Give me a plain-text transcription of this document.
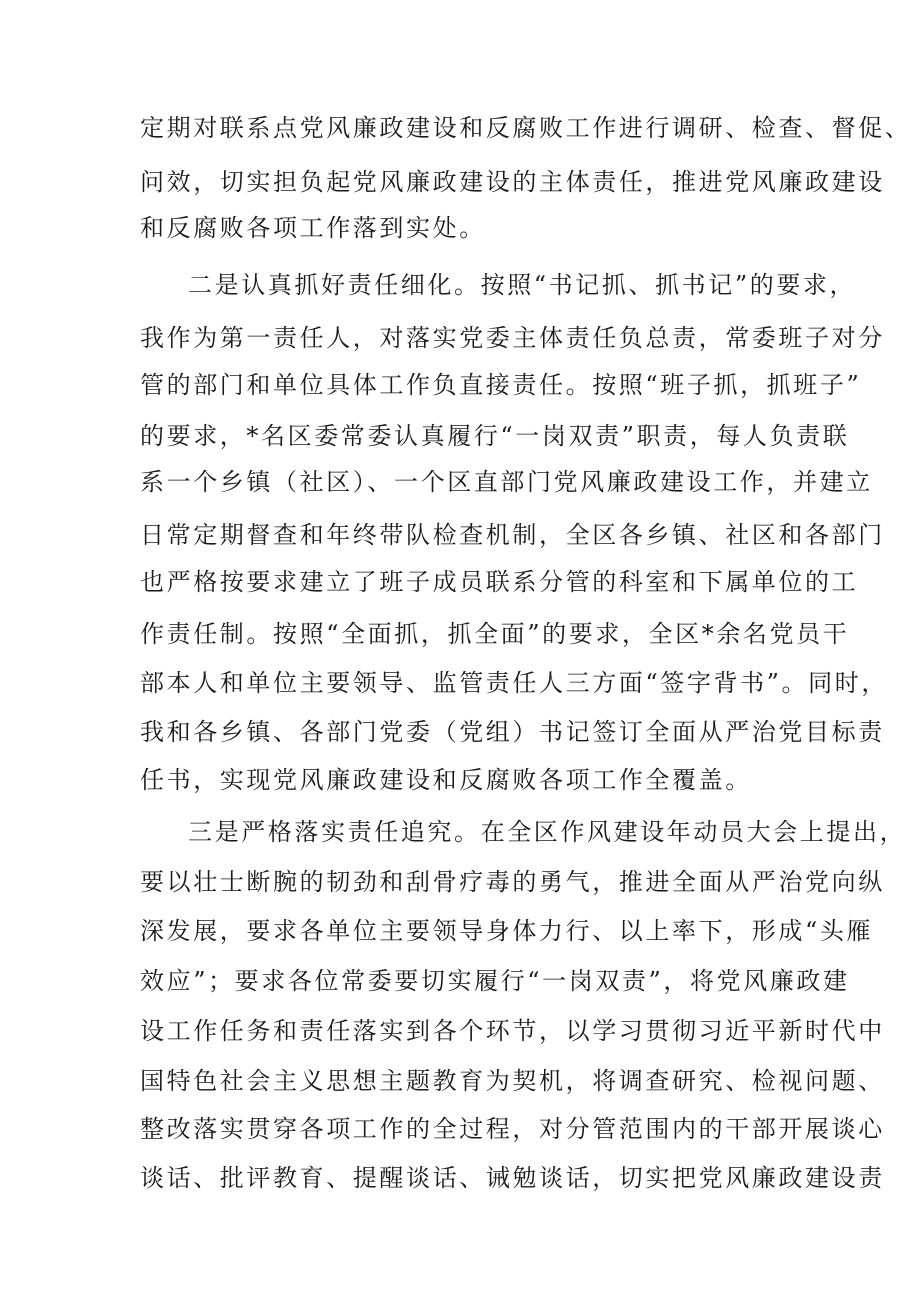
定期对联系点党风廉政建设和反腐败工作进行调研、检查、督促、
问效，切实担负起党风廉政建设的主体责任，推进党风廉政建设
和反腐败各项工作落到实处。
二是认真抓好责任细化。按照“书记抓、抓书记”的要求，
我作为第一责任人，对落实党委主体责任负总责，常委班子对分
管的部门和单位具体工作负直接责任。按照“班子抓，抓班子”
的要求，*名区委常委认真履行“一岗双责”职责，每人负责联
系一个乡镇（社区）、一个区直部门党风廉政建设工作，并建立
日常定期督查和年终带队检查机制，全区各乡镇、社区和各部门
也严格按要求建立了班子成员联系分管的科室和下属单位的工
作责任制。按照“全面抓，抓全面”的要求，全区*余名党员干
部本人和单位主要领导、监管责任人三方面“签字背书”。同时，
我和各乡镇、各部门党委（党组）书记签订全面从严治党目标责
任书，实现党风廉政建设和反腐败各项工作全覆盖。
三是严格落实责任追究。在全区作风建设年动员大会上提出，
要以壮士断腕的韧劲和刮骨疗毒的勇气，推进全面从严治党向纵
深发展，要求各单位主要领导身体力行、以上率下，形成“头雁
效应”；要求各位常委要切实履行“一岗双责”，将党风廉政建
设工作任务和责任落实到各个环节，以学习贯彻习近平新时代中
国特色社会主义思想主题教育为契机，将调查研究、检视问题、
整改落实贯穿各项工作的全过程，对分管范围内的干部开展谈心
谈话、批评教育、提醒谈话、诫勉谈话，切实把党风廉政建设责
